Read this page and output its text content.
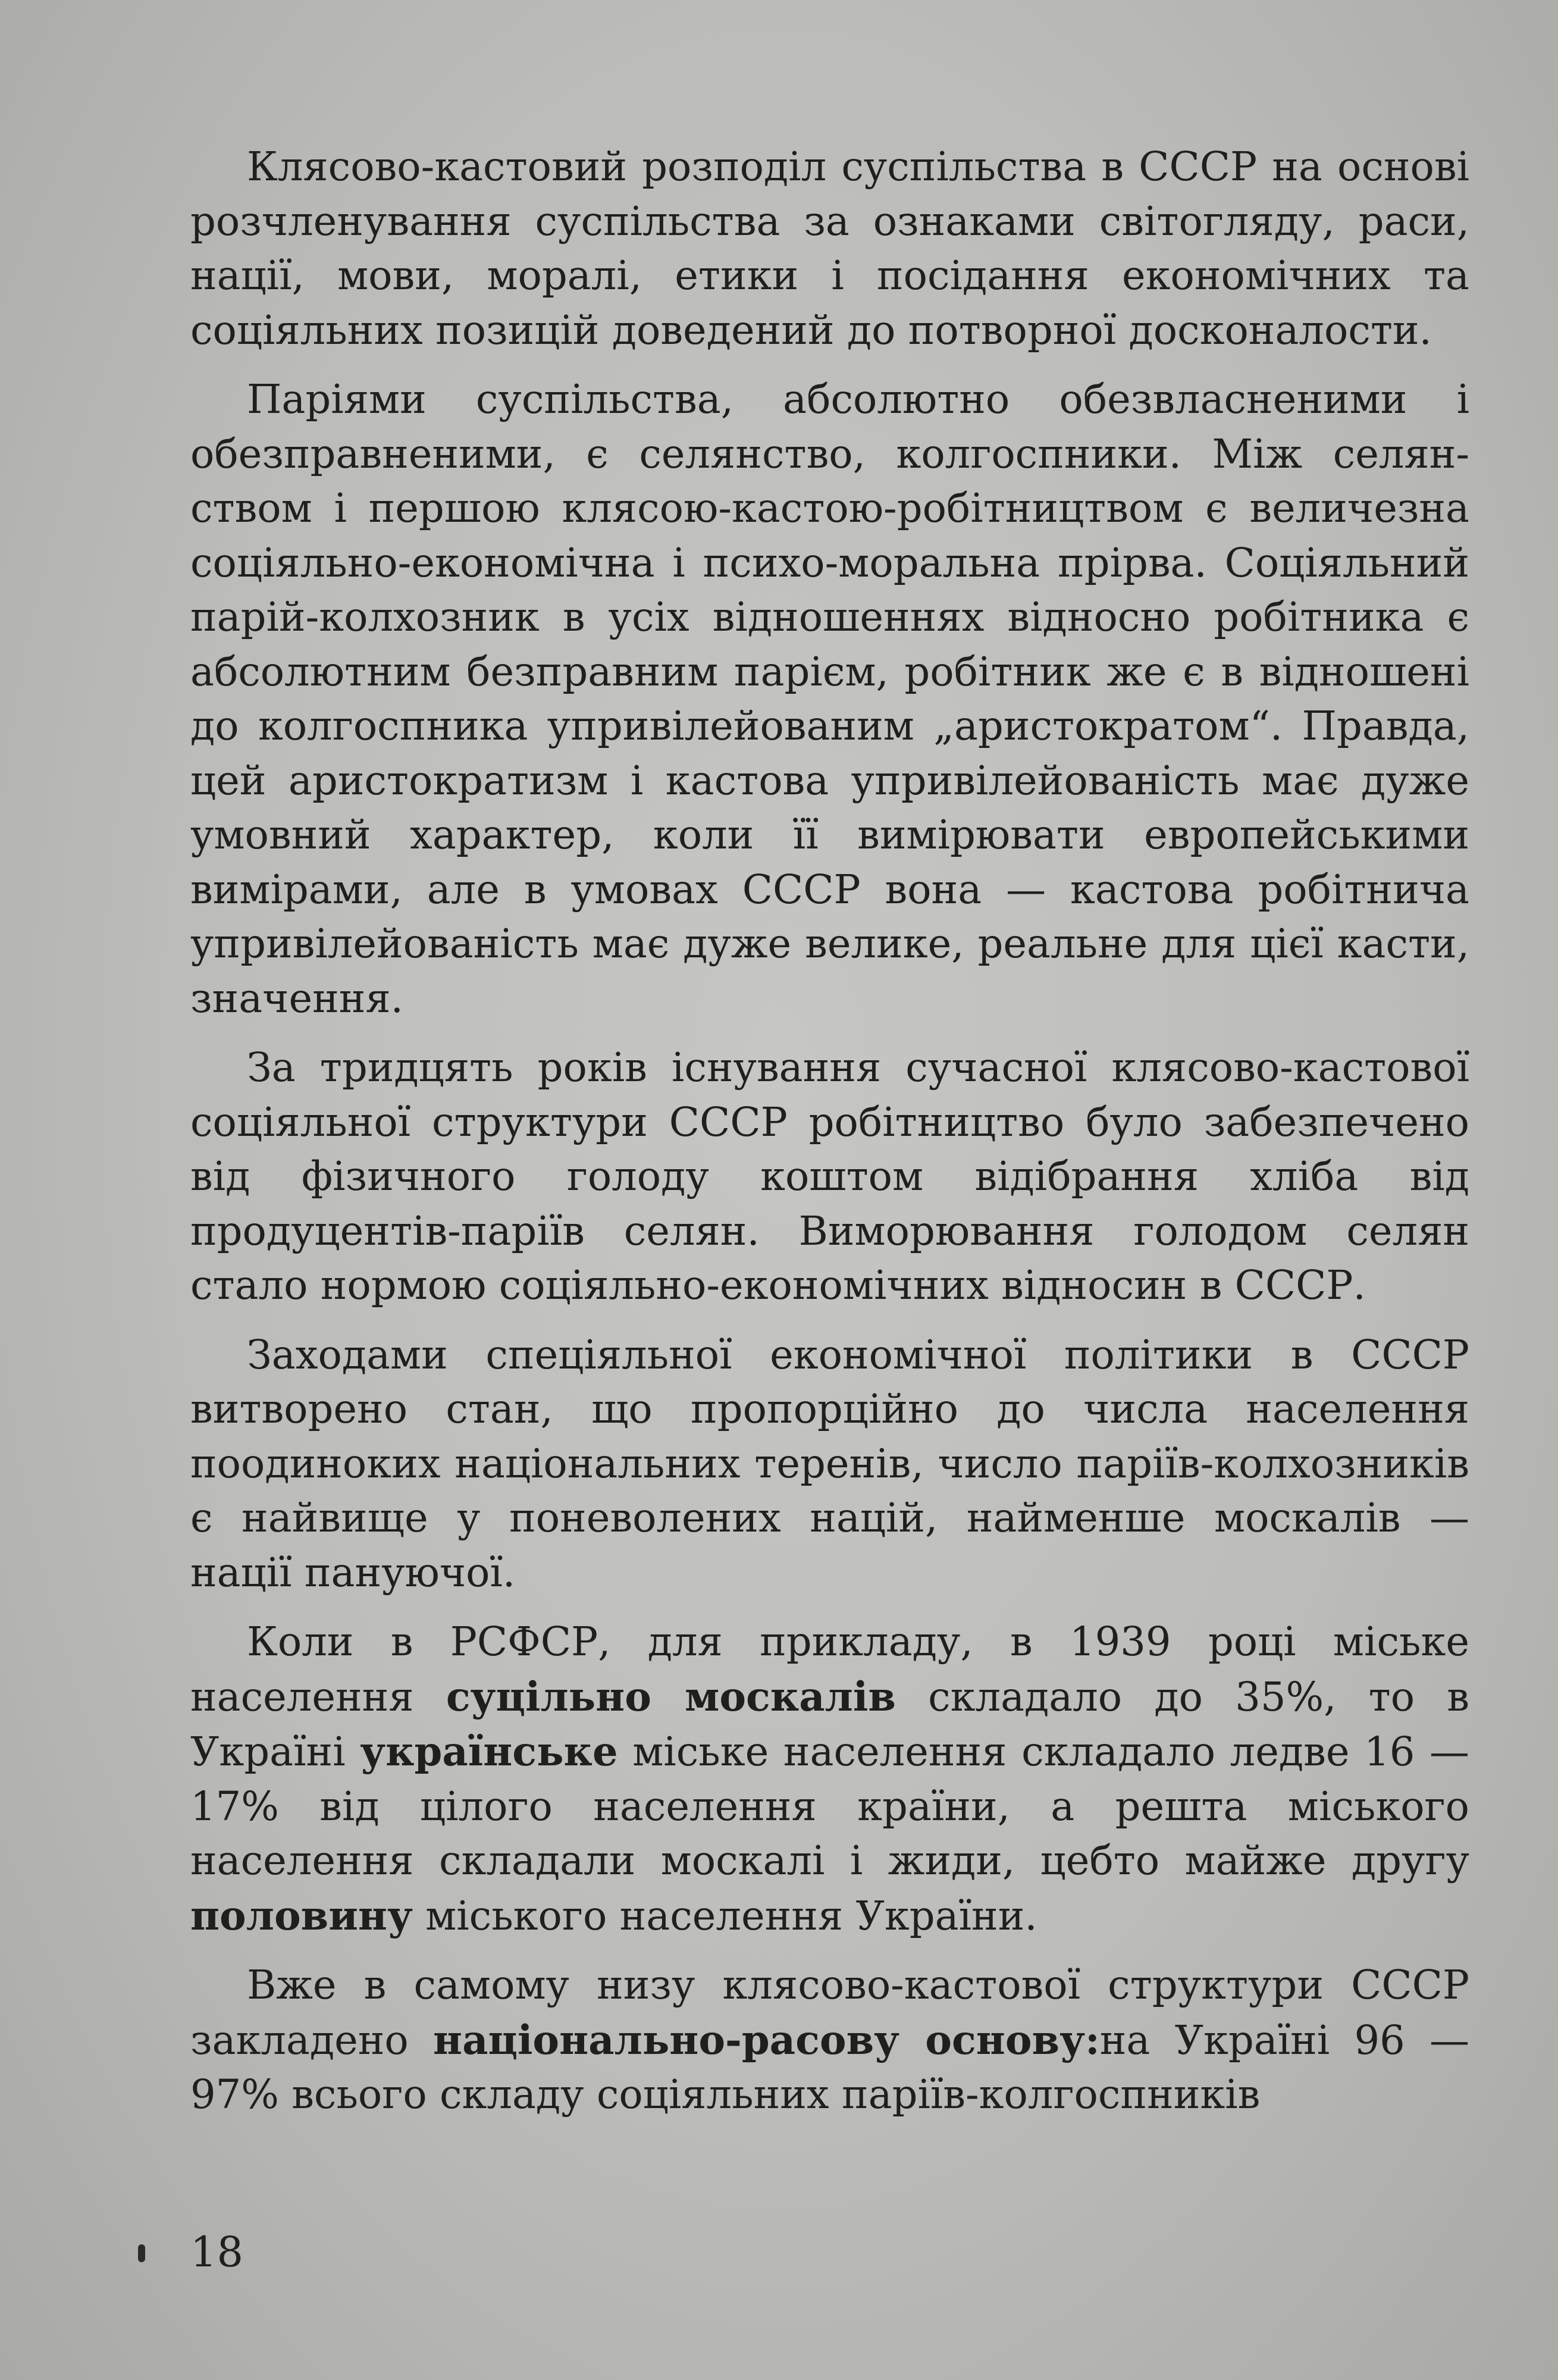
Клясово-кастовий розподіл суспільства в СССР на основі розчленування суспільства за ознаками світогляду, раси, нації, мови, моралі, етики і посідання економічних та соціяльних позицій доведений до потворної досконалости.

Паріями суспільства, абсолютно обезвласненими і обезправненими, є селянство, колгоспники. Між селянством і першою клясою-кастою-робітництвом є величезна соціяльно-економічна і психо-моральна прірва. Соціяльний парій-колхозник в усіх відношеннях відносно робітника є абсолютним безправним парієм, робітник же є в відношені до колгоспника упривілейованим „аристократом“. Правда, цей аристократизм і кастова упривілейованість має дуже умовний характер, коли її вимірювати европейськими вимірами, але в умовах СССР вона — кастова робітнича упривілейованість має дуже велике, реальне для цієї касти, значення.

За тридцять років існування сучасної клясово-кастової соціяльної структури СССР робітництво було забезпечено від фізичного голоду коштом відібрання хліба від продуцентів-паріїв селян. Виморювання голодом селян стало нормою соціяльно-економічних відносин в СССР.

Заходами спеціяльної економічної політики в СССР витворено стан, що пропорційно до числа населення поодиноких національних теренів, число паріїв-колхозників є найвище у поневолених націй, найменше москалів — нації пануючої.

Коли в РСФСР, для прикладу, в 1939 році міське населення суцільно москалів складало до 35%, то в Україні українське міське населення складало ледве 16 — 17% від цілого населення країни, а решта міського населення складали москалі і жиди, цебто майже другу половину міського населення України.

Вже в самому низу клясово-кастової структури СССР закладено національно-расову основу:на Україні 96 — 97% всього складу соціяльних паріїв-колгоспників

18
